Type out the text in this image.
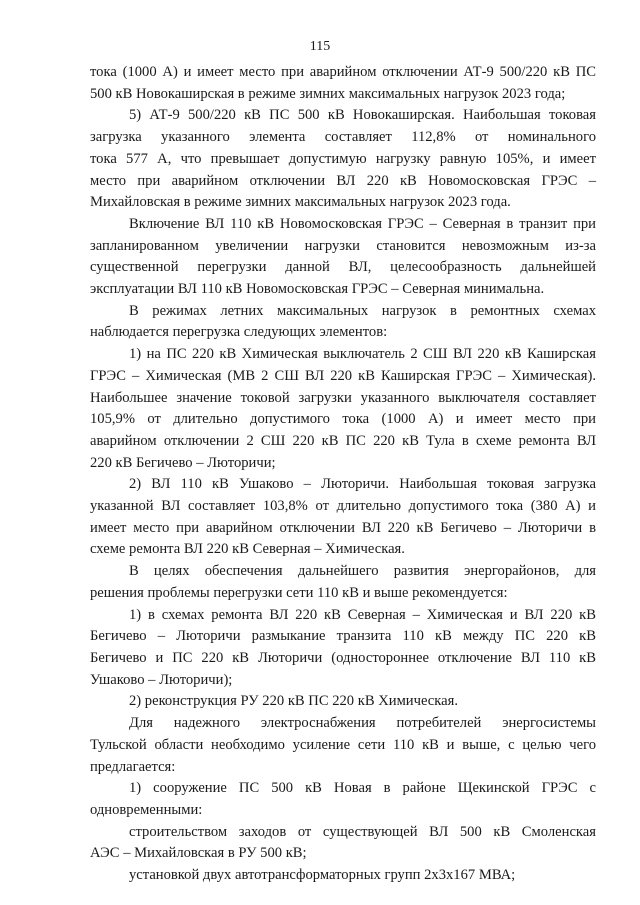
115

тока (1000 А) и имеет место при аварийном отключении АТ-9 500/220 кВ ПС

500 кВ Новокаширская в режиме зимних максимальных нагрузок 2023 года;

5) АТ-9 500/220 кВ ПС 500 кВ Новокаширская. Наибольшая токовая

загрузка указанного элемента составляет 112,8% от номинального

тока 577 А, что превышает допустимую нагрузку равную 105%, и имеет

место при аварийном отключении ВЛ 220 кВ Новомосковская ГРЭС –

Михайловская в режиме зимних максимальных нагрузок 2023 года.

Включение ВЛ 110 кВ Новомосковская ГРЭС – Северная в транзит при

запланированном увеличении нагрузки становится невозможным из-за

существенной перегрузки данной ВЛ, целесообразность дальнейшей

эксплуатации ВЛ 110 кВ Новомосковская ГРЭС – Северная минимальна.

В режимах летних максимальных нагрузок в ремонтных схемах

наблюдается перегрузка следующих элементов:

1) на ПС 220 кВ Химическая выключатель 2 СШ ВЛ 220 кВ Каширская

ГРЭС – Химическая (МВ 2 СШ ВЛ 220 кВ Каширская ГРЭС – Химическая).

Наибольшее значение токовой загрузки указанного выключателя составляет

105,9% от длительно допустимого тока (1000 А) и имеет место при

аварийном отключении 2 СШ 220 кВ ПС 220 кВ Тула в схеме ремонта ВЛ

220 кВ Бегичево – Люторичи;

2) ВЛ 110 кВ Ушаково – Люторичи. Наибольшая токовая загрузка

указанной ВЛ составляет 103,8% от длительно допустимого тока (380 А) и

имеет место при аварийном отключении ВЛ 220 кВ Бегичево – Люторичи в

схеме ремонта ВЛ 220 кВ Северная – Химическая.

В целях обеспечения дальнейшего развития энергорайонов, для

решения проблемы перегрузки сети 110 кВ и выше рекомендуется:

1) в схемах ремонта ВЛ 220 кВ Северная – Химическая и ВЛ 220 кВ

Бегичево – Люторичи размыкание транзита 110 кВ между ПС 220 кВ

Бегичево и ПС 220 кВ Люторичи (одностороннее отключение ВЛ 110 кВ

Ушаково – Люторичи);

2) реконструкция РУ 220 кВ ПС 220 кВ Химическая.

Для надежного электроснабжения потребителей энергосистемы

Тульской области необходимо усиление сети 110 кВ и выше, с целью чего

предлагается:

1) сооружение ПС 500 кВ Новая в районе Щекинской ГРЭС с

одновременными:

строительством заходов от существующей ВЛ 500 кВ Смоленская

АЭС – Михайловская в РУ 500 кВ;

установкой двух автотрансформаторных групп 2х3х167 МВА;
